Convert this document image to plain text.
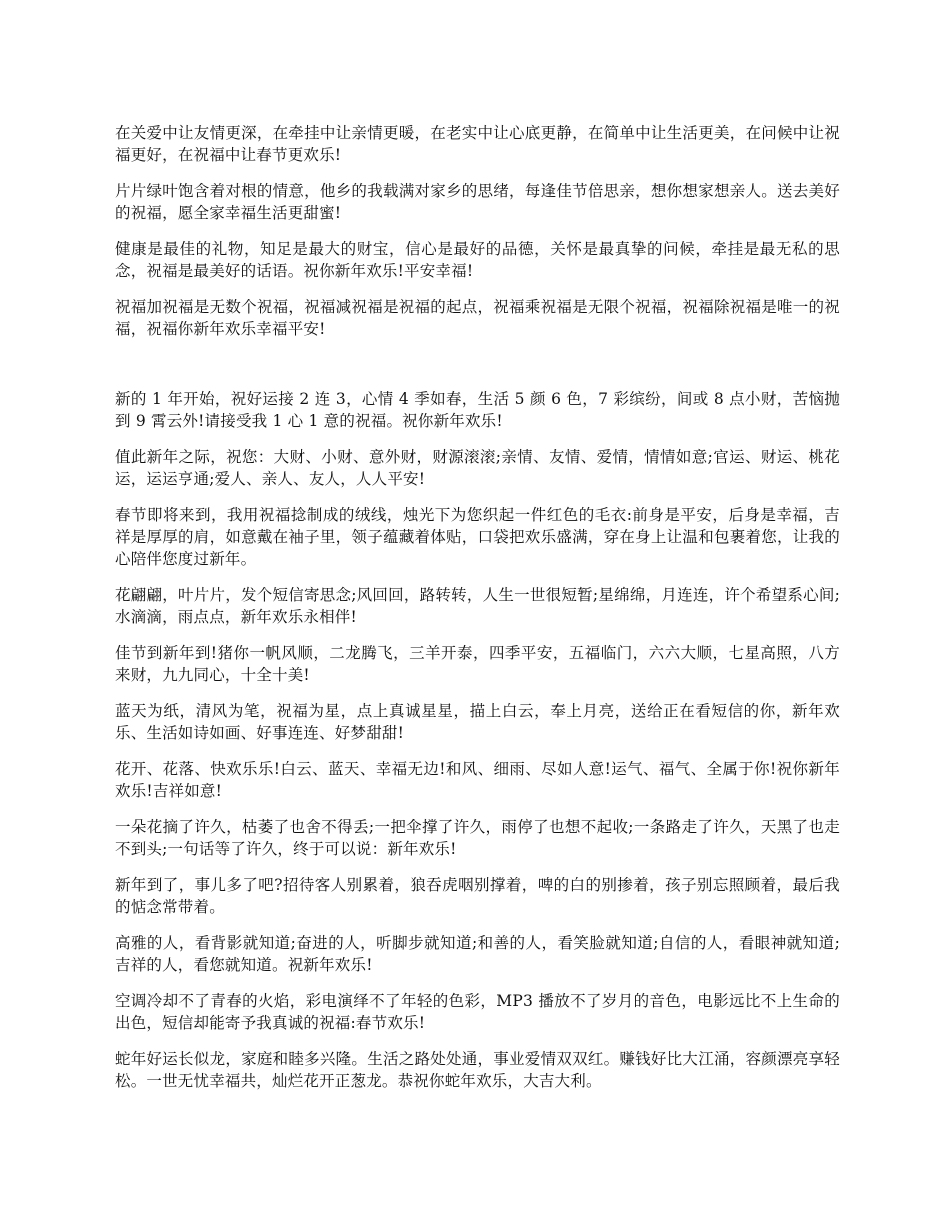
在关爱中让友情更深，在牵挂中让亲情更暖，在老实中让心底更静，在简单中让生活更美，在问候中让祝福更好，在祝福中让春节更欢乐!

片片绿叶饱含着对根的情意，他乡的我载满对家乡的思绪，每逢佳节倍思亲，想你想家想亲人。送去美好的祝福，愿全家幸福生活更甜蜜!

健康是最佳的礼物，知足是最大的财宝，信心是最好的品德，关怀是最真挚的问候，牵挂是最无私的思念，祝福是最美好的话语。祝你新年欢乐!平安幸福!

祝福加祝福是无数个祝福，祝福减祝福是祝福的起点，祝福乘祝福是无限个祝福，祝福除祝福是唯一的祝福，祝福你新年欢乐幸福平安!

新的 1 年开始，祝好运接 2 连 3，心情 4 季如春，生活 5 颜 6 色，7 彩缤纷，间或 8 点小财，苦恼抛到 9 霄云外!请接受我 1 心 1 意的祝福。祝你新年欢乐!

值此新年之际，祝您：大财、小财、意外财，财源滚滚;亲情、友情、爱情，情情如意;官运、财运、桃花运，运运亨通;爱人、亲人、友人，人人平安!

春节即将来到，我用祝福捻制成的绒线，烛光下为您织起一件红色的毛衣:前身是平安，后身是幸福，吉祥是厚厚的肩，如意戴在袖子里，领子蕴藏着体贴，口袋把欢乐盛满，穿在身上让温和包裹着您，让我的心陪伴您度过新年。

花翩翩，叶片片，发个短信寄思念;风回回，路转转，人生一世很短暂;星绵绵，月连连，许个希望系心间;水滴滴，雨点点，新年欢乐永相伴!

佳节到新年到!猪你一帆风顺，二龙腾飞，三羊开泰，四季平安，五福临门，六六大顺，七星高照，八方来财，九九同心，十全十美!

蓝天为纸，清风为笔，祝福为星，点上真诚星星，描上白云，奉上月亮，送给正在看短信的你，新年欢乐、生活如诗如画、好事连连、好梦甜甜!

花开、花落、快欢乐乐!白云、蓝天、幸福无边!和风、细雨、尽如人意!运气、福气、全属于你!祝你新年欢乐!吉祥如意!

一朵花摘了许久，枯萎了也舍不得丢;一把伞撑了许久，雨停了也想不起收;一条路走了许久，天黑了也走不到头;一句话等了许久，终于可以说：新年欢乐!

新年到了，事儿多了吧?招待客人别累着，狼吞虎咽别撑着，啤的白的别掺着，孩子别忘照顾着，最后我的惦念常带着。

高雅的人，看背影就知道;奋进的人，听脚步就知道;和善的人，看笑脸就知道;自信的人，看眼神就知道;吉祥的人，看您就知道。祝新年欢乐!

空调冷却不了青春的火焰，彩电演绎不了年轻的色彩，MP3 播放不了岁月的音色，电影远比不上生命的出色，短信却能寄予我真诚的祝福:春节欢乐!

蛇年好运长似龙，家庭和睦多兴隆。生活之路处处通，事业爱情双双红。赚钱好比大江涌，容颜漂亮享轻松。一世无忧幸福共，灿烂花开正葱龙。恭祝你蛇年欢乐，大吉大利。
